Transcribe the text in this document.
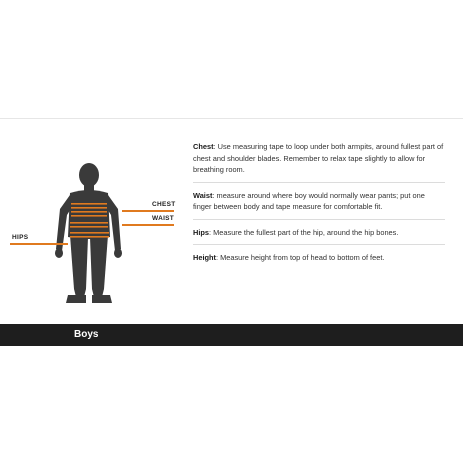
CHEST
WAIST
HIPS
Chest: Use measuring tape to loop under both armpits, around fullest part of chest and shoulder blades. Remember to relax tape slightly to allow for breathing room.
Waist: measure around where boy would normally wear pants; put one finger between body and tape measure for comfortable fit.
Hips: Measure the fullest part of the hip, around the hip bones.
Height: Measure height from top of head to bottom of feet.
Boys
